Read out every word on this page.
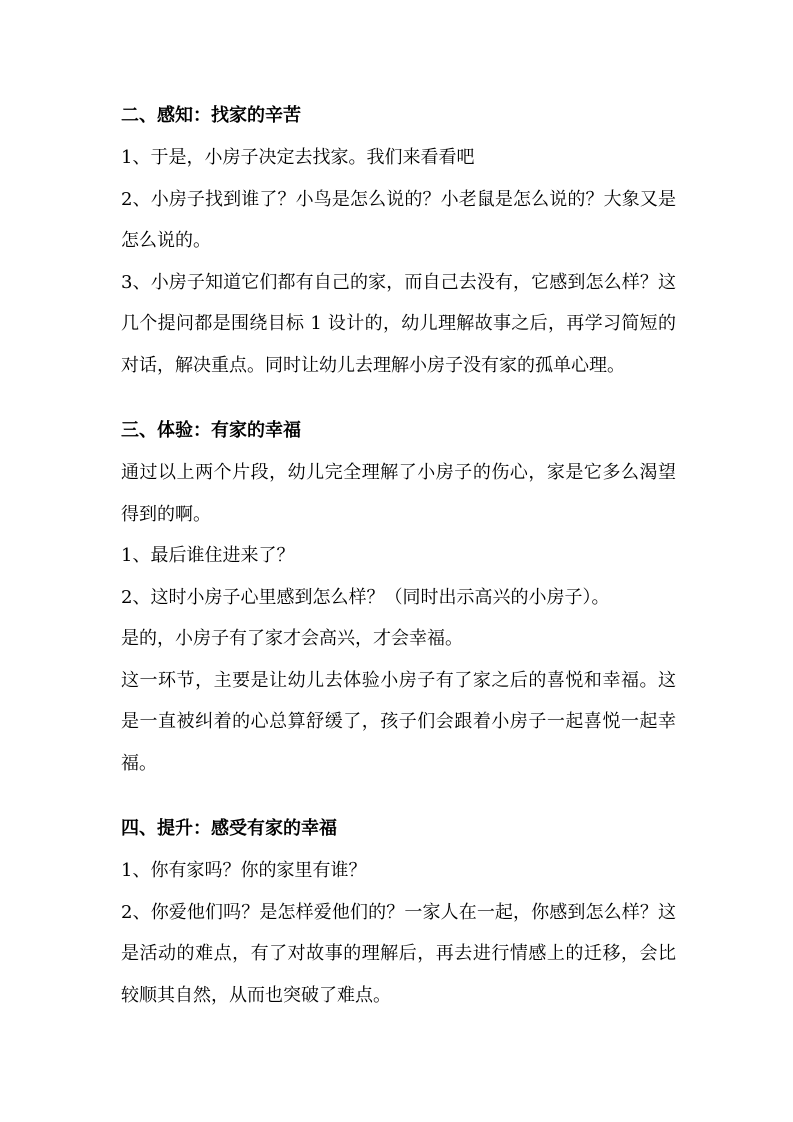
二、感知：找家的辛苦

1、于是，小房子决定去找家。我们来看看吧

2、小房子找到谁了？小鸟是怎么说的？小老鼠是怎么说的？大象又是怎么说的。

3、小房子知道它们都有自己的家，而自己去没有，它感到怎么样？这几个提问都是围绕目标 1 设计的，幼儿理解故事之后，再学习简短的对话，解决重点。同时让幼儿去理解小房子没有家的孤单心理。

三、体验：有家的幸福

通过以上两个片段，幼儿完全理解了小房子的伤心，家是它多么渴望得到的啊。

1、最后谁住进来了？

2、这时小房子心里感到怎么样？（同时出示高兴的小房子）。

是的，小房子有了家才会高兴，才会幸福。

这一环节，主要是让幼儿去体验小房子有了家之后的喜悦和幸福。这是一直被纠着的心总算舒缓了，孩子们会跟着小房子一起喜悦一起幸福。

四、提升：感受有家的幸福

1、你有家吗？你的家里有谁？

2、你爱他们吗？是怎样爱他们的？一家人在一起，你感到怎么样？这是活动的难点，有了对故事的理解后，再去进行情感上的迁移，会比较顺其自然，从而也突破了难点。
